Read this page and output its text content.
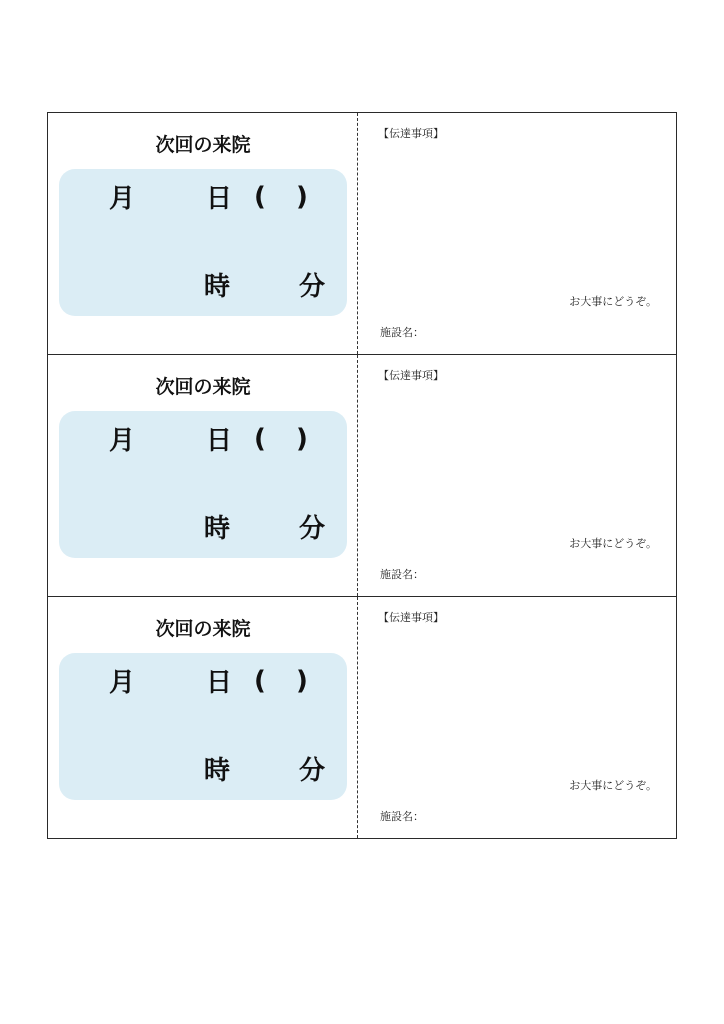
次回の来院
月	日 ( )
時	分
【伝達事項】
お大事にどうぞ。
施設名：
次回の来院
月	日 ( )
時	分
【伝達事項】
お大事にどうぞ。
施設名：
次回の来院
月	日 ( )
時	分
【伝達事項】
お大事にどうぞ。
施設名：
